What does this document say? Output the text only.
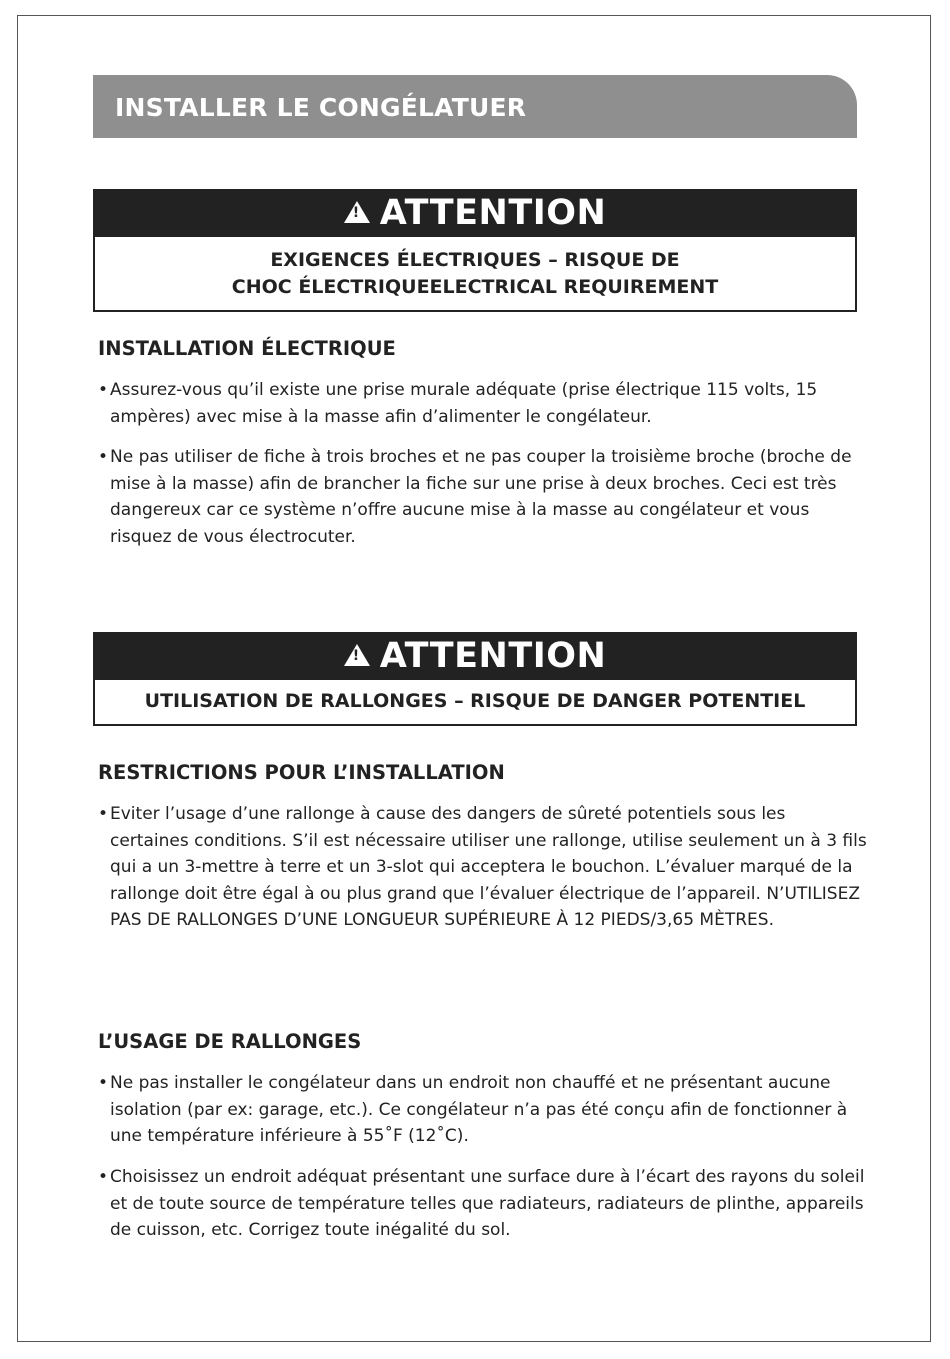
INSTALLER LE CONGÉLATUER
!
ATTENTION
EXIGENCES ÉLECTRIQUES – RISQUE DE
CHOC ÉLECTRIQUEELECTRICAL REQUIREMENT
INSTALLATION ÉLECTRIQUE

• Assurez-vous qu’il existe une prise murale adéquate (prise électrique 115 volts, 15 ampères) avec mise à la masse afin d’alimenter le congélateur.

• Ne pas utiliser de fiche à trois broches et ne pas couper la troisième broche (broche de mise à la masse) afin de brancher la fiche sur une prise à deux broches. Ceci est très dangereux car ce système n’offre aucune mise à la masse au congélateur et vous risquez de vous électrocuter.

!
ATTENTION
UTILISATION DE RALLONGES – RISQUE DE DANGER POTENTIEL
RESTRICTIONS POUR L’INSTALLATION

• Eviter l’usage d’une rallonge à cause des dangers de sûreté potentiels sous les certaines conditions. S’il est nécessaire utiliser une rallonge, utilise seulement un à 3 fils qui a un 3-mettre à terre et un 3-slot qui acceptera le bouchon. L’évaluer marqué de la rallonge doit être égal à ou plus grand que l’évaluer électrique de l’appareil. N’UTILISEZ PAS DE RALLONGES D’UNE LONGUEUR SUPÉRIEURE À 12 PIEDS/3,65 MÈTRES.

L’USAGE DE RALLONGES

• Ne pas installer le congélateur dans un endroit non chauffé et ne présentant aucune isolation (par ex: garage, etc.). Ce congélateur n’a pas été conçu afin de fonctionner à une température inférieure à 55˚F (12˚C).

• Choisissez un endroit adéquat présentant une surface dure à l’écart des rayons du soleil et de toute source de température telles que radiateurs, radiateurs de plinthe, appareils de cuisson, etc. Corrigez toute inégalité du sol.
